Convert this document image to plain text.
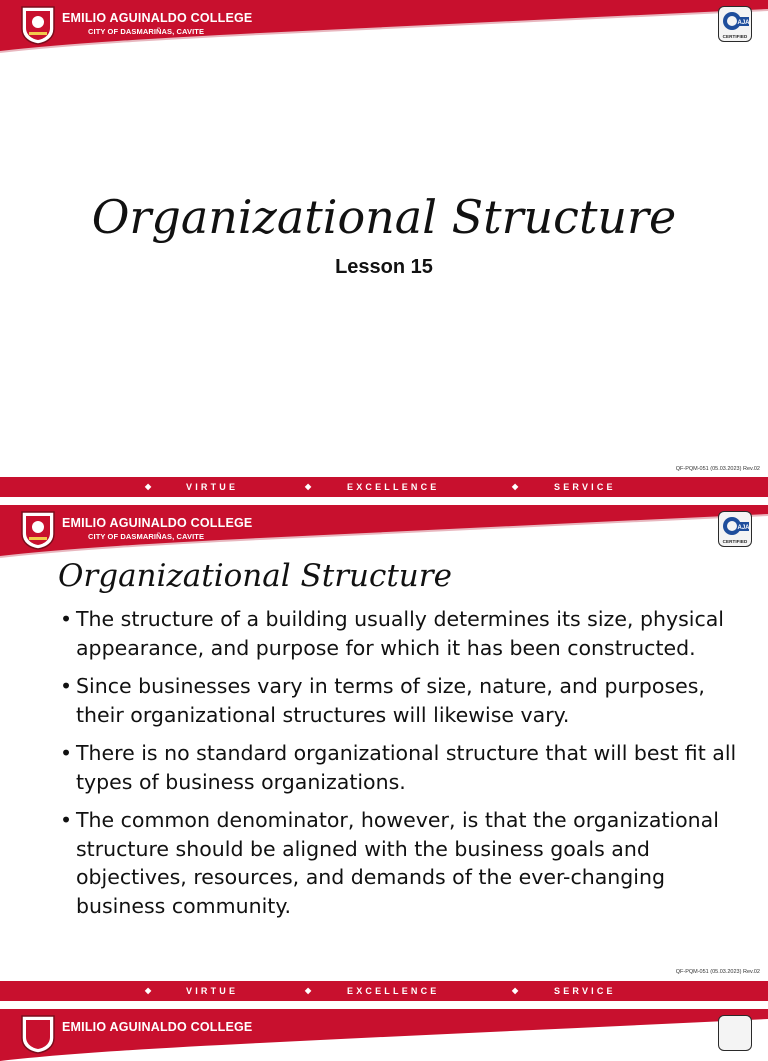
EMILIO AGUINALDO COLLEGE
CITY OF DASMARIÑAS, CAVITE
AJA
CERTIFIED
Organizational Structure
Lesson 15
QF-PQM-051 (05.03.2023) Rev.02
◆	VIRTUE	◆	EXCELLENCE	◆	SERVICE
EMILIO AGUINALDO COLLEGE
CITY OF DASMARIÑAS, CAVITE
AJA
CERTIFIED
Organizational Structure
QF-PQM-051 (05.03.2023) Rev.02
• The structure of a building usually determines its size, physical appearance, and purpose for which it has been constructed.
• Since businesses vary in terms of size, nature, and purposes, their organizational structures will likewise vary.
• There is no standard organizational structure that will best fit all types of business organizations.
• The common denominator, however, is that the organizational structure should be aligned with the business goals and objectives, resources, and demands of the ever-changing business community.
◆	VIRTUE	◆	EXCELLENCE	◆	SERVICE
EMILIO AGUINALDO COLLEGE
